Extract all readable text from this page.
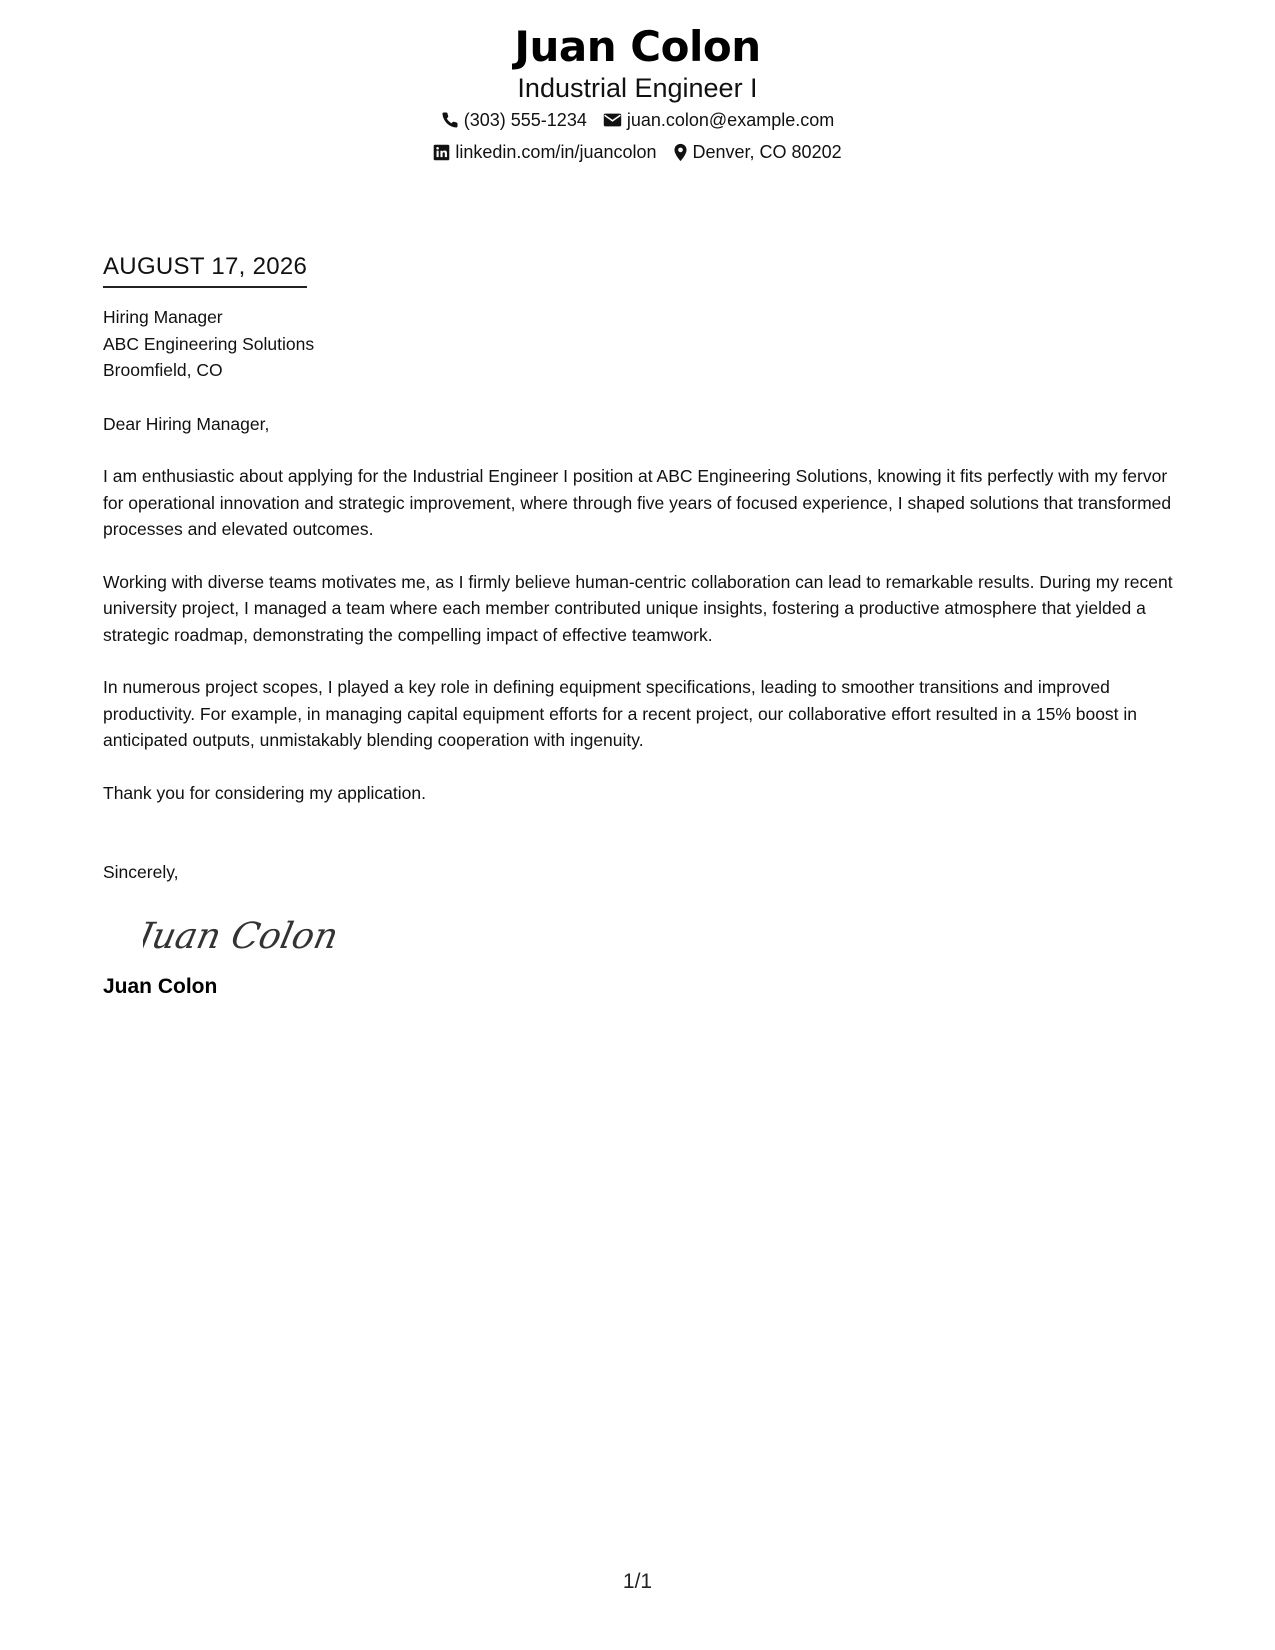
Juan Colon
Industrial Engineer I
(303) 555-1234 juan.colon@example.com
linkedin.com/in/juancolon Denver, CO 80202
AUGUST 17, 2026
Hiring Manager
ABC Engineering Solutions
Broomfield, CO
Dear Hiring Manager,
I am enthusiastic about applying for the Industrial Engineer I position at ABC Engineering Solutions, knowing it fits perfectly with my fervor for operational innovation and strategic improvement, where through five years of focused experience, I shaped solutions that transformed processes and elevated outcomes.
Working with diverse teams motivates me, as I firmly believe human-centric collaboration can lead to remarkable results. During my recent university project, I managed a team where each member contributed unique insights, fostering a productive atmosphere that yielded a strategic roadmap, demonstrating the compelling impact of effective teamwork.
In numerous project scopes, I played a key role in defining equipment specifications, leading to smoother transitions and improved productivity. For example, in managing capital equipment efforts for a recent project, our collaborative effort resulted in a 15% boost in anticipated outputs, unmistakably blending cooperation with ingenuity.
Thank you for considering my application.
Sincerely,
Juan Colon
Juan Colon
1/1
